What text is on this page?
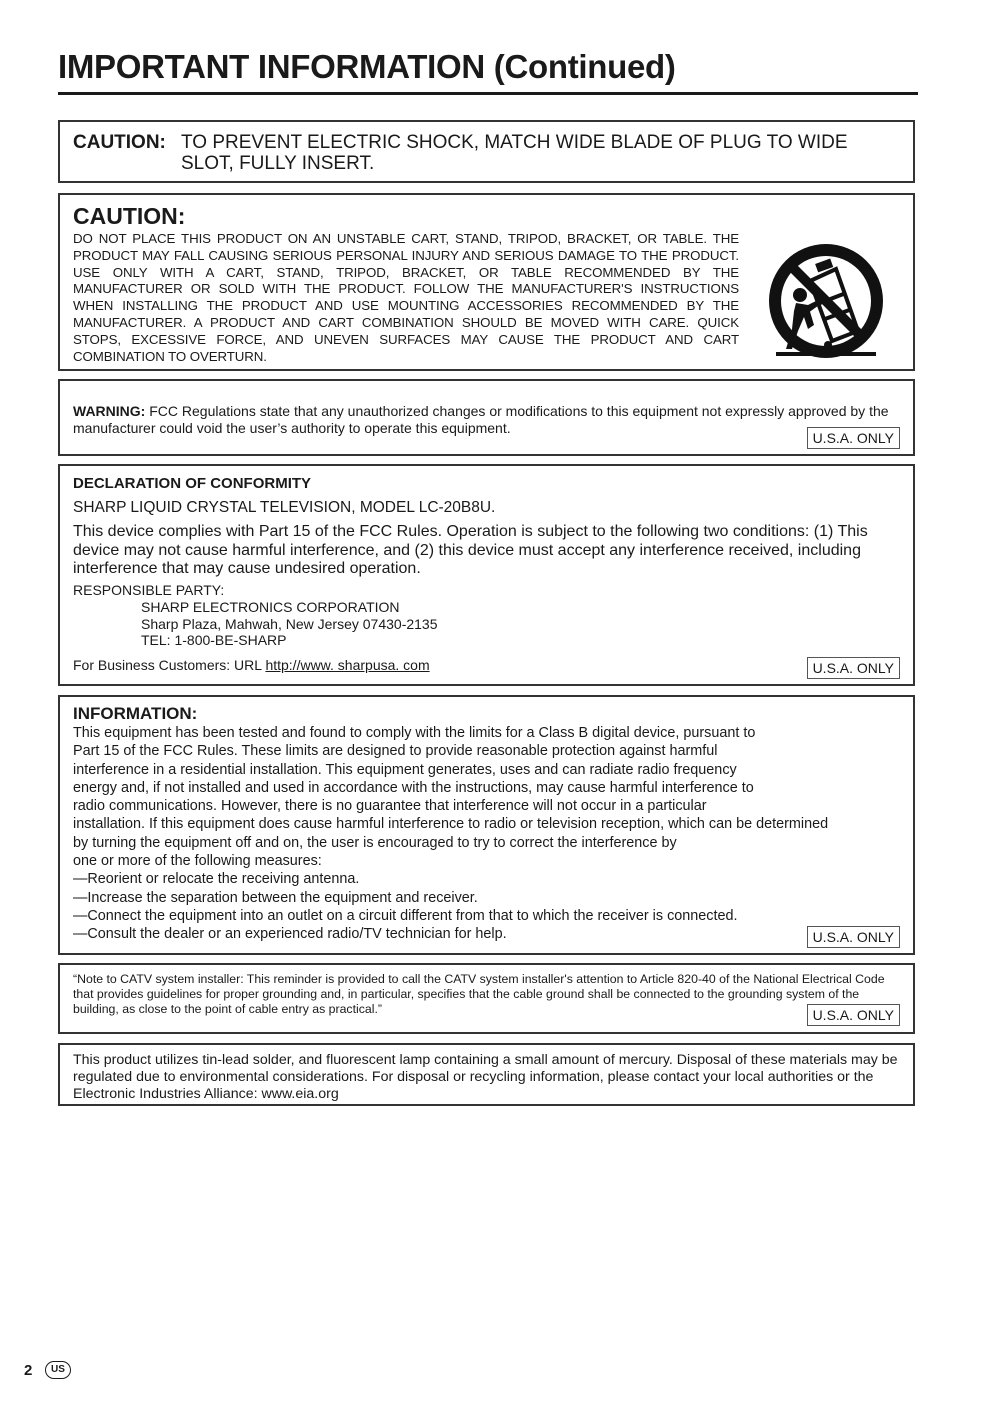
IMPORTANT INFORMATION (Continued)
CAUTION: TO PREVENT ELECTRIC SHOCK, MATCH WIDE BLADE OF PLUG TO WIDE SLOT, FULLY INSERT.
CAUTION:
DO NOT PLACE THIS PRODUCT ON AN UNSTABLE CART, STAND, TRIPOD, BRACKET, OR TABLE. THE PRODUCT MAY FALL CAUSING SERIOUS PERSONAL INJURY AND SERIOUS DAMAGE TO THE PRODUCT. USE ONLY WITH A CART, STAND, TRIPOD, BRACKET, OR TABLE RECOMMENDED BY THE MANUFACTURER OR SOLD WITH THE PRODUCT. FOLLOW THE MANUFACTURER'S INSTRUCTIONS WHEN INSTALLING THE PRODUCT AND USE MOUNTING ACCESSORIES RECOMMENDED BY THE MANUFACTURER. A PRODUCT AND CART COMBINATION SHOULD BE MOVED WITH CARE. QUICK STOPS, EXCESSIVE FORCE, AND UNEVEN SURFACES MAY CAUSE THE PRODUCT AND CART COMBINATION TO OVERTURN.
WARNING: FCC Regulations state that any unauthorized changes or modifications to this equipment not expressly approved by the manufacturer could void the user’s authority to operate this equipment.
U.S.A. ONLY
DECLARATION OF CONFORMITY
SHARP LIQUID CRYSTAL TELEVISION, MODEL LC-20B8U.
This device complies with Part 15 of the FCC Rules. Operation is subject to the following two conditions: (1) This device may not cause harmful interference, and (2) this device must accept any interference received, including interference that may cause undesired operation.
RESPONSIBLE PARTY:
SHARP ELECTRONICS CORPORATION
Sharp Plaza, Mahwah, New Jersey 07430-2135
TEL: 1-800-BE-SHARP
For Business Customers: URL http://www. sharpusa. com	U.S.A. ONLY
INFORMATION:
This equipment has been tested and found to comply with the limits for a Class B digital device, pursuant to
Part 15 of the FCC Rules. These limits are designed to provide reasonable protection against harmful
interference in a residential installation. This equipment generates, uses and can radiate radio frequency
energy and, if not installed and used in accordance with the instructions, may cause harmful interference to
radio communications. However, there is no guarantee that interference will not occur in a particular
installation. If this equipment does cause harmful interference to radio or television reception, which can be determined
by turning the equipment off and on, the user is encouraged to try to correct the interference by
one or more of the following measures:
—Reorient or relocate the receiving antenna.
—Increase the separation between the equipment and receiver.
—Connect the equipment into an outlet on a circuit different from that to which the receiver is connected.
—Consult the dealer or an experienced radio/TV technician for help.	U.S.A. ONLY
“Note to CATV system installer: This reminder is provided to call the CATV system installer's attention to Article 820-40 of the National Electrical Code that provides guidelines for proper grounding and, in particular, specifies that the cable ground shall be connected to the grounding system of the building, as close to the point of cable entry as practical.”	U.S.A. ONLY
This product utilizes tin-lead solder, and fluorescent lamp containing a small amount of mercury. Disposal of these materials may be regulated due to environmental considerations. For disposal or recycling information, please contact your local authorities or the Electronic Industries Alliance: www.eia.org
2	US
